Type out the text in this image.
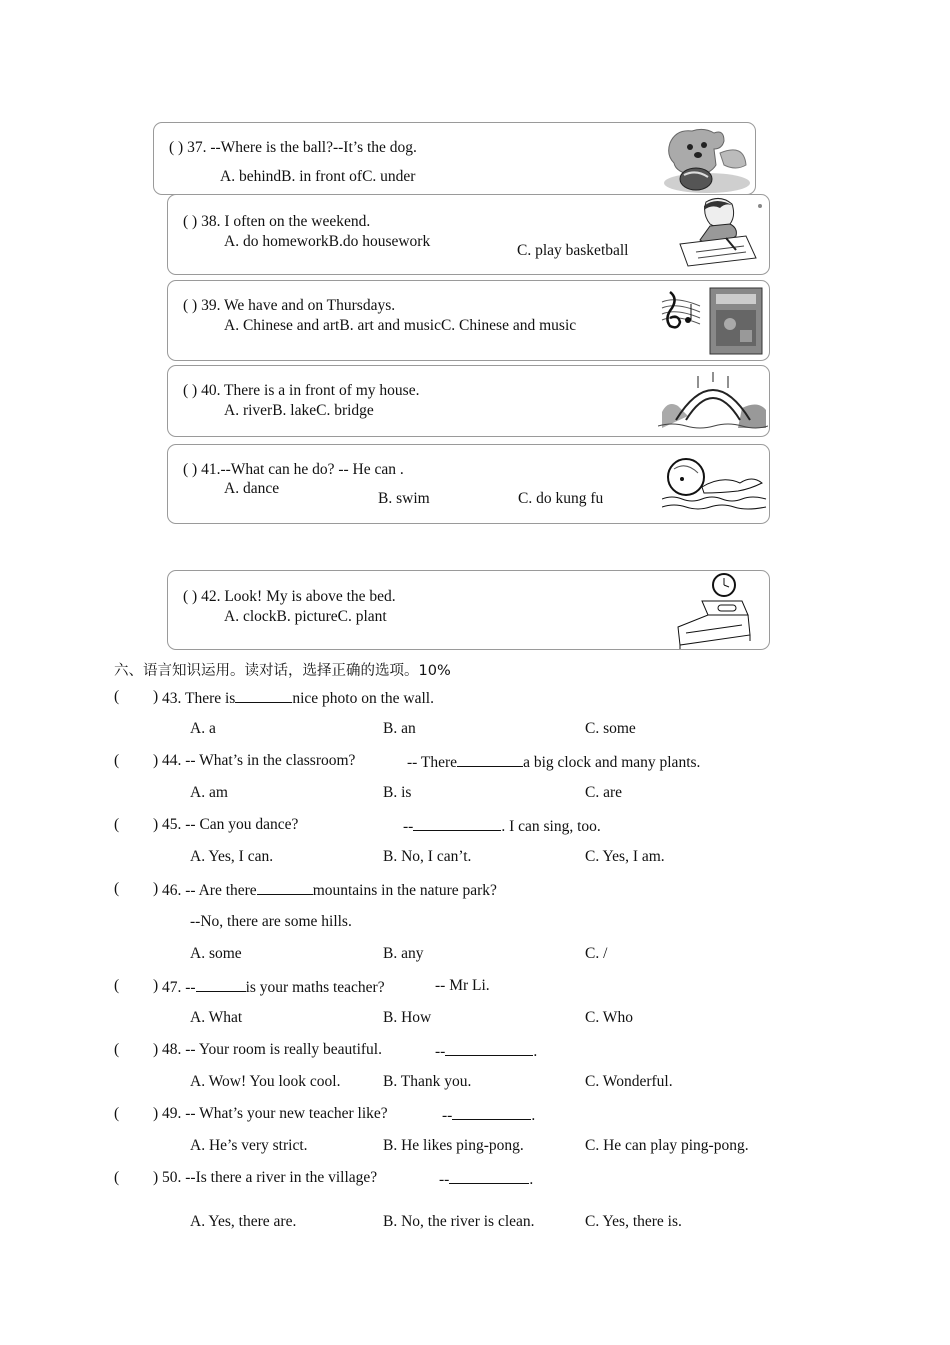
( ) 37. --Where is the ball?--It’s the dog.
A. behindB. in front ofC. under
( ) 38. I often on the weekend.
A. do homeworkB.do housework
C. play basketball
( ) 39. We have and on Thursdays.
A. Chinese and artB. art and musicC. Chinese and music
( ) 40. There is a in front of my house.
A. riverB. lakeC. bridge
( ) 41.--What can he do? -- He can .
A. dance
B. swim	C. do kung fu
( ) 42. Look! My is above the bed.
A. clockB. pictureC. plant
六、语言知识运用。读对话，选择正确的选项。10%
( ) 43. There is	nice photo on the wall.
A. a	B. an	C. some
( ) 44. -- What’s in the classroom?	-- There	a big clock and many plants.
A. am	B. is	C. are
( ) 45. -- Can you dance?	--	. I can sing, too.
A. Yes, I can.	B. No, I can’t.	C. Yes, I am.
( ) 46. -- Are there	mountains in the nature park?
--No, there are some hills.
A. some	B. any	C. /
( ) 47. --	is your maths teacher?	-- Mr Li.
A. What	B. How	C. Who
( ) 48. -- Your room is really beautiful.	--	.
A. Wow! You look cool.	B. Thank you.	C. Wonderful.
( ) 49. -- What’s your new teacher like?	--	.
A. He’s very strict.	B. He likes ping-pong.	C. He can play ping-pong.
( ) 50. --Is there a river in the village?	--	.
A. Yes, there are.	B. No, the river is clean.	C. Yes, there is.
